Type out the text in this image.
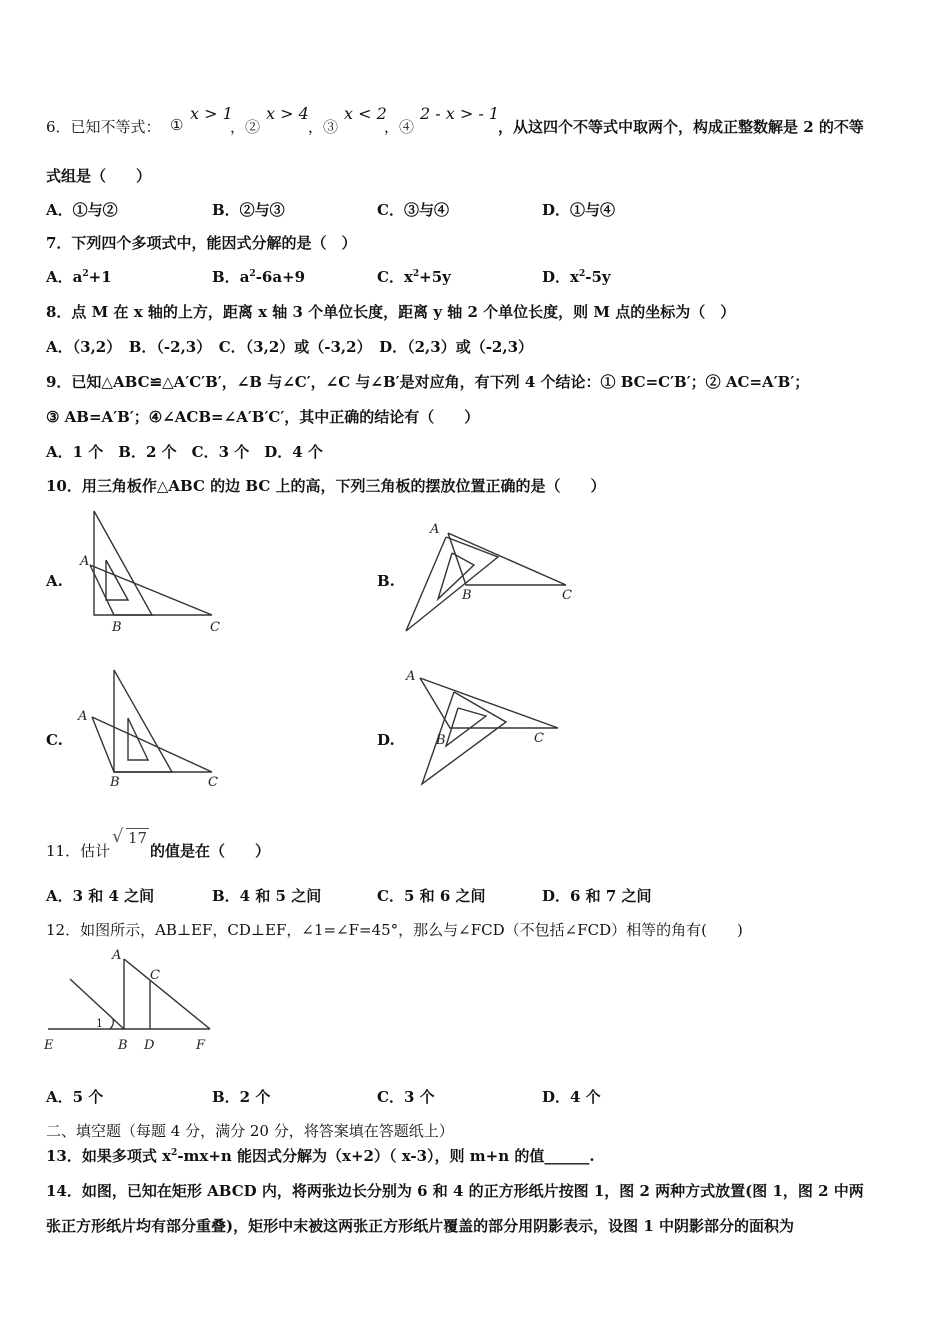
6．已知不等式： ①
x > 1
，②
x > 4
，③
x < 2
，④
2 - x > - 1
，从这四个不等式中取两个，构成正整数解是 2 的不等
式组是（　　）
A．①与②	B．②与③	C．③与④	D．①与④
7．下列四个多项式中，能因式分解的是（　）
A．$a^2+1$	B．$a^2-6a+9$	C．$x^2+5y$	D．$x^2-5y$
8．点 M 在 x 轴的上方，距离 x 轴 3 个单位长度，距离 y 轴 2 个单位长度，则 M 点的坐标为（　）
A．（3,2）　B．（-2,3）　C．（3,2）或（-3,2）　D．（2,3）或（-2,3）
9．已知△ABC≌△A′C′B′，∠B 与∠C′，∠C 与∠B′是对应角，有下列 4 个结论：① BC=C′B′；② AC=A′B′；
③ AB=A′B′；④∠ACB=∠A′B′C′，其中正确的结论有（　　）
A．1 个　B．2 个　C．3 个　D．4 个
10．用三角板作△ABC 的边 BC 上的高，下列三角板的摆放位置正确的是（　　）
A.
A
B	C
B.
A
B	C
C.
A
B	C
D.
A
B	C
11．估计
√ 17
的值是在（　　）
A．3 和 4 之间	B．4 和 5 之间	C．5 和 6 之间	D．6 和 7 之间
12．如图所示，AB⊥EF，CD⊥EF，∠1=∠F=45°，那么与∠FCD（不包括∠FCD）相等的角有(　　)
A
C
1
E	B D	F
A．5 个	B．2 个	C．3 个	D．4 个
二、填空题（每题 4 分，满分 20 分，将答案填在答题纸上）
13．如果多项式 $x^2-mx+n$ 能因式分解为（x+2）（ x-3），则 m+n 的值______.
14．如图，已知在矩形 ABCD 内，将两张边长分别为 6 和 4 的正方形纸片按图 1，图 2 两种方式放置(图 1，图 2 中两
张正方形纸片均有部分重叠)，矩形中末被这两张正方形纸片覆盖的部分用阴影表示，设图 1 中阴影部分的面积为
